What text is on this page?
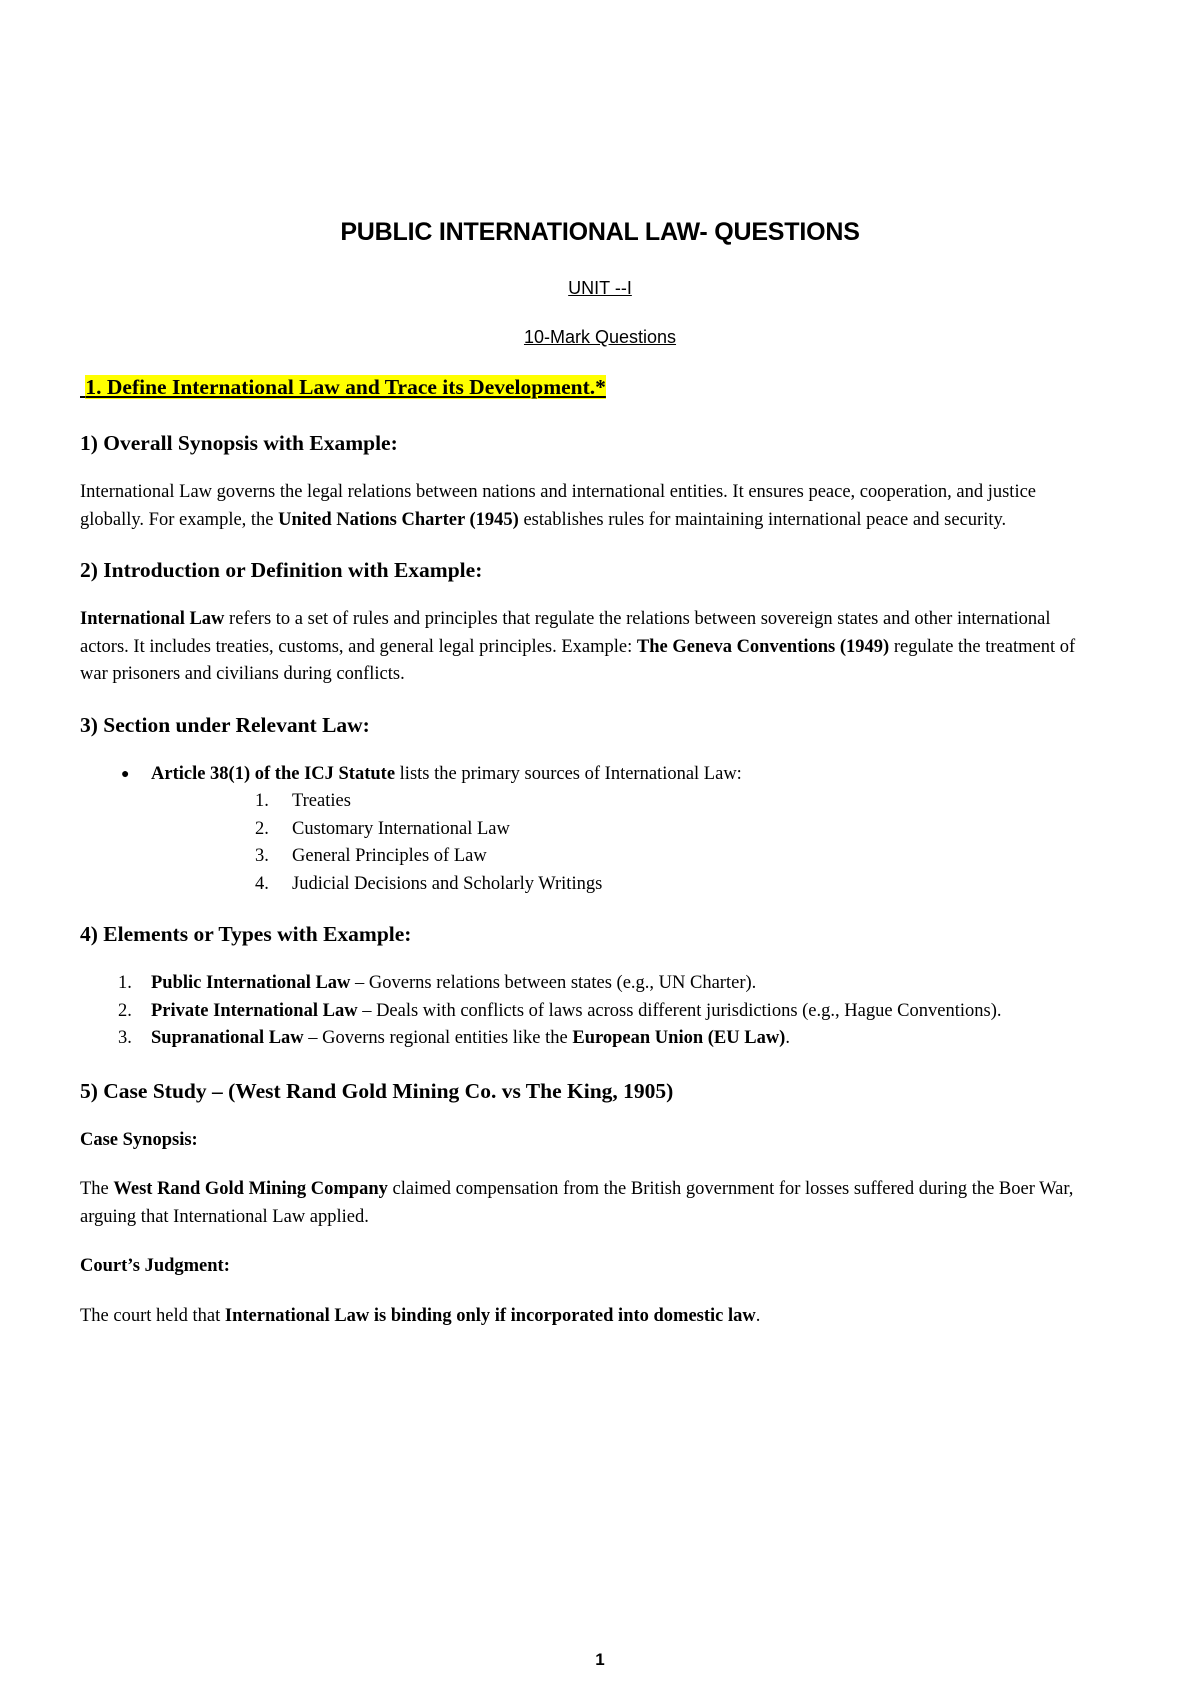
PUBLIC INTERNATIONAL LAW- QUESTIONS
UNIT --I
10-Mark Questions
1. Define International Law and Trace its Development.*
1) Overall Synopsis with Example:

International Law governs the legal relations between nations and international entities. It ensures peace, cooperation, and justice globally. For example, the United Nations Charter (1945) establishes rules for maintaining international peace and security.

2) Introduction or Definition with Example:

International Law refers to a set of rules and principles that regulate the relations between sovereign states and other international actors. It includes treaties, customs, and general legal principles. Example: The Geneva Conventions (1949) regulate the treatment of war prisoners and civilians during conflicts.

3) Section under Relevant Law:
● Article 38(1) of the ICJ Statute lists the primary sources of International Law:
1. Treaties
2. Customary International Law
3. General Principles of Law
4. Judicial Decisions and Scholarly Writings
4) Elements or Types with Example:
1. Public International Law – Governs relations between states (e.g., UN Charter).
2. Private International Law – Deals with conflicts of laws across different jurisdictions (e.g., Hague Conventions).
3. Supranational Law – Governs regional entities like the European Union (EU Law).
5) Case Study – (West Rand Gold Mining Co. vs The King, 1905)
Case Synopsis:

The West Rand Gold Mining Company claimed compensation from the British government for losses suffered during the Boer War, arguing that International Law applied.

Court’s Judgment:

The court held that International Law is binding only if incorporated into domestic law.

1
